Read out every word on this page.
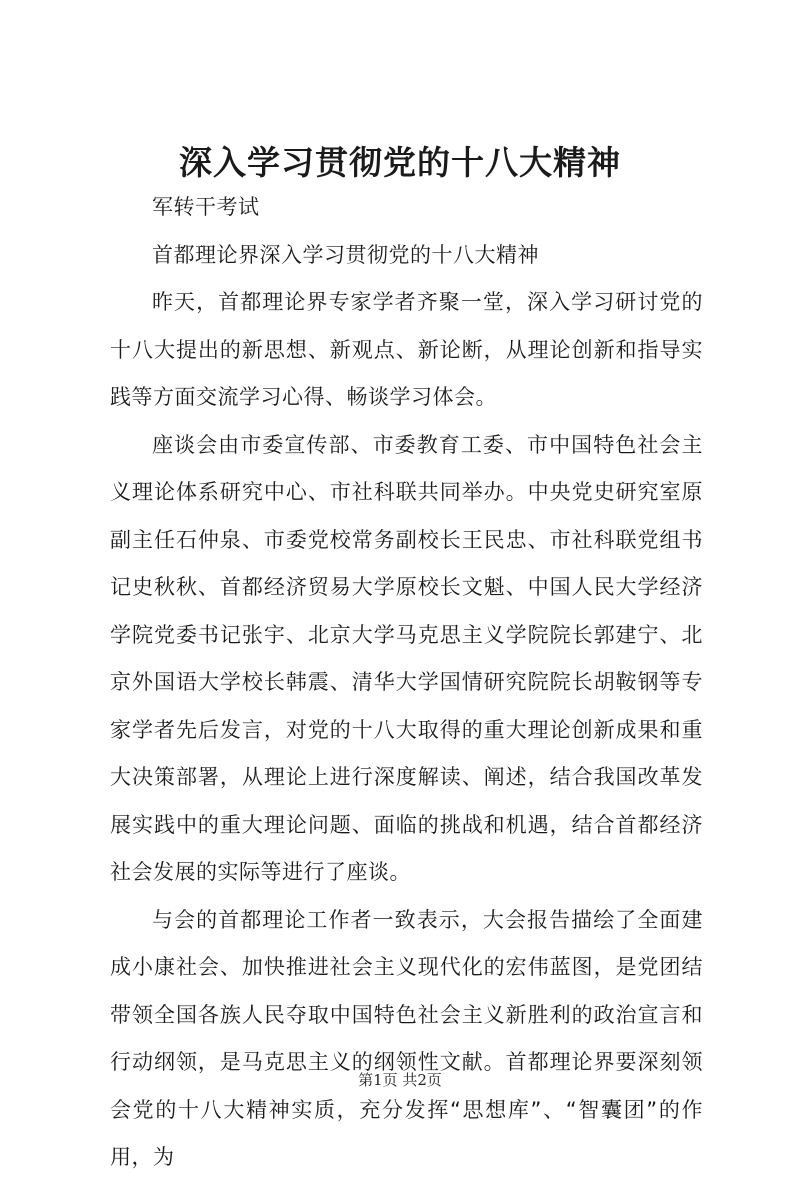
深入学习贯彻党的十八大精神

军转干考试

首都理论界深入学习贯彻党的十八大精神

昨天，首都理论界专家学者齐聚一堂，深入学习研讨党的十八大提出的新思想、新观点、新论断，从理论创新和指导实践等方面交流学习心得、畅谈学习体会。

座谈会由市委宣传部、市委教育工委、市中国特色社会主义理论体系研究中心、市社科联共同举办。中央党史研究室原副主任石仲泉、市委党校常务副校长王民忠、市社科联党组书记史秋秋、首都经济贸易大学原校长文魁、中国人民大学经济学院党委书记张宇、北京大学马克思主义学院院长郭建宁、北京外国语大学校长韩震、清华大学国情研究院院长胡鞍钢等专家学者先后发言，对党的十八大取得的重大理论创新成果和重大决策部署，从理论上进行深度解读、阐述，结合我国改革发展实践中的重大理论问题、面临的挑战和机遇，结合首都经济社会发展的实际等进行了座谈。

与会的首都理论工作者一致表示，大会报告描绘了全面建成小康社会、加快推进社会主义现代化的宏伟蓝图，是党团结带领全国各族人民夺取中国特色社会主义新胜利的政治宣言和行动纲领，是马克思主义的纲领性文献。首都理论界要深刻领会党的十八大精神实质，充分发挥“思想库”、“智囊团”的作用，为

第1页 共2页
